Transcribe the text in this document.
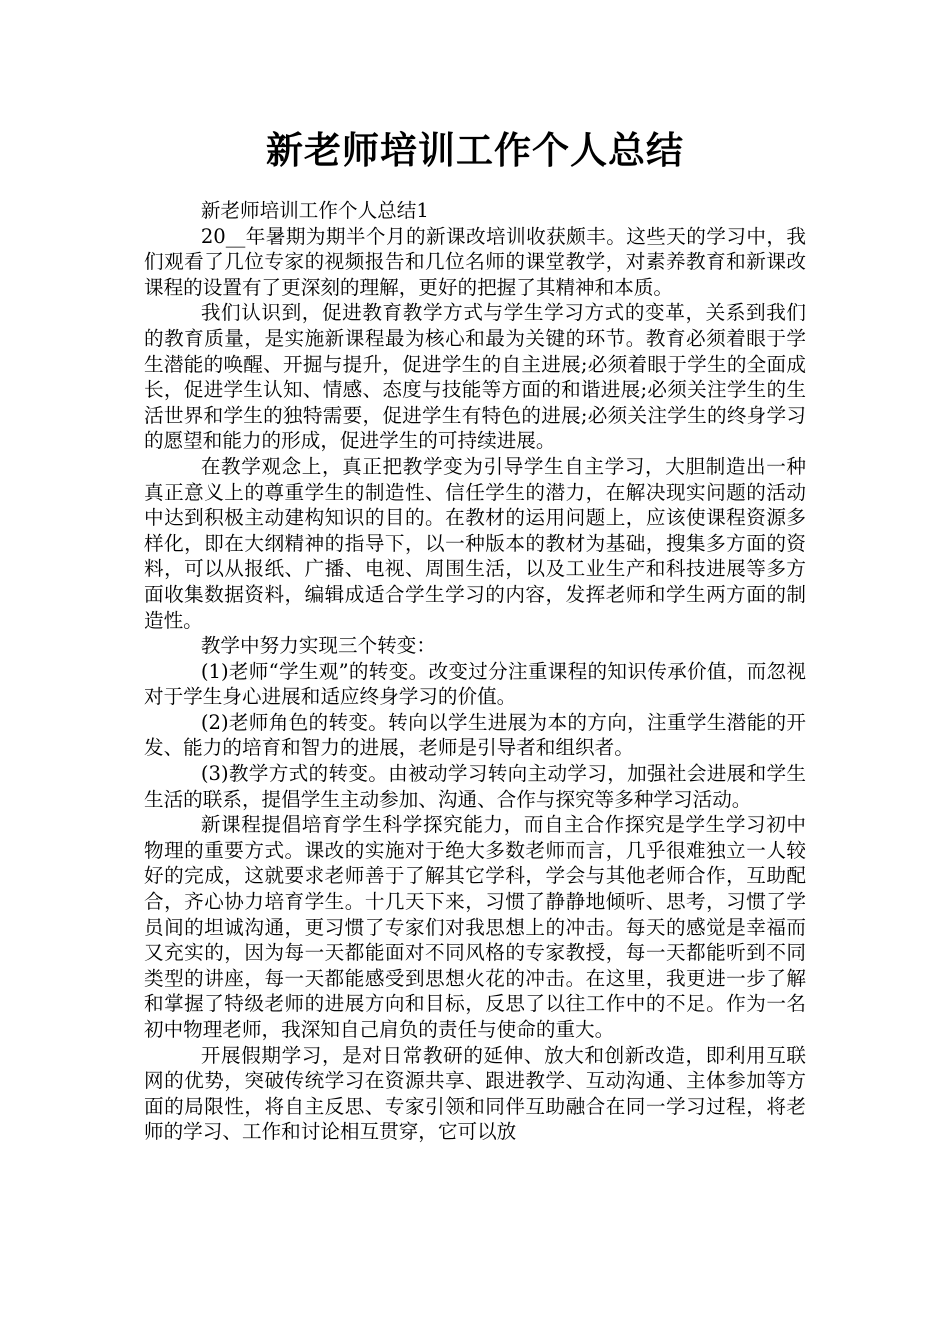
新老师培训工作个人总结

新老师培训工作个人总结1

20__年暑期为期半个月的新课改培训收获颇丰。这些天的学习中，我们观看了几位专家的视频报告和几位名师的课堂教学，对素养教育和新课改课程的设置有了更深刻的理解，更好的把握了其精神和本质。

我们认识到，促进教育教学方式与学生学习方式的变革，关系到我们的教育质量，是实施新课程最为核心和最为关键的环节。教育必须着眼于学生潜能的唤醒、开掘与提升，促进学生的自主进展;必须着眼于学生的全面成长，促进学生认知、情感、态度与技能等方面的和谐进展;必须关注学生的生活世界和学生的独特需要，促进学生有特色的进展;必须关注学生的终身学习的愿望和能力的形成，促进学生的可持续进展。

在教学观念上，真正把教学变为引导学生自主学习，大胆制造出一种真正意义上的尊重学生的制造性、信任学生的潜力，在解决现实问题的活动中达到积极主动建构知识的目的。在教材的运用问题上，应该使课程资源多样化，即在大纲精神的指导下，以一种版本的教材为基础，搜集多方面的资料，可以从报纸、广播、电视、周围生活，以及工业生产和科技进展等多方面收集数据资料，编辑成适合学生学习的内容，发挥老师和学生两方面的制造性。

教学中努力实现三个转变：

(1)老师“学生观”的转变。改变过分注重课程的知识传承价值，而忽视对于学生身心进展和适应终身学习的价值。

(2)老师角色的转变。转向以学生进展为本的方向，注重学生潜能的开发、能力的培育和智力的进展，老师是引导者和组织者。

(3)教学方式的转变。由被动学习转向主动学习，加强社会进展和学生生活的联系，提倡学生主动参加、沟通、合作与探究等多种学习活动。

新课程提倡培育学生科学探究能力，而自主合作探究是学生学习初中物理的重要方式。课改的实施对于绝大多数老师而言，几乎很难独立一人较好的完成，这就要求老师善于了解其它学科，学会与其他老师合作，互助配合，齐心协力培育学生。十几天下来，习惯了静静地倾听、思考，习惯了学员间的坦诚沟通，更习惯了专家们对我思想上的冲击。每天的感觉是幸福而又充实的，因为每一天都能面对不同风格的专家教授，每一天都能听到不同类型的讲座，每一天都能感受到思想火花的冲击。在这里，我更进一步了解和掌握了特级老师的进展方向和目标，反思了以往工作中的不足。作为一名初中物理老师，我深知自己肩负的责任与使命的重大。

开展假期学习，是对日常教研的延伸、放大和创新改造，即利用互联网的优势，突破传统学习在资源共享、跟进教学、互动沟通、主体参加等方面的局限性，将自主反思、专家引领和同伴互助融合在同一学习过程，将老师的学习、工作和讨论相互贯穿，它可以放
